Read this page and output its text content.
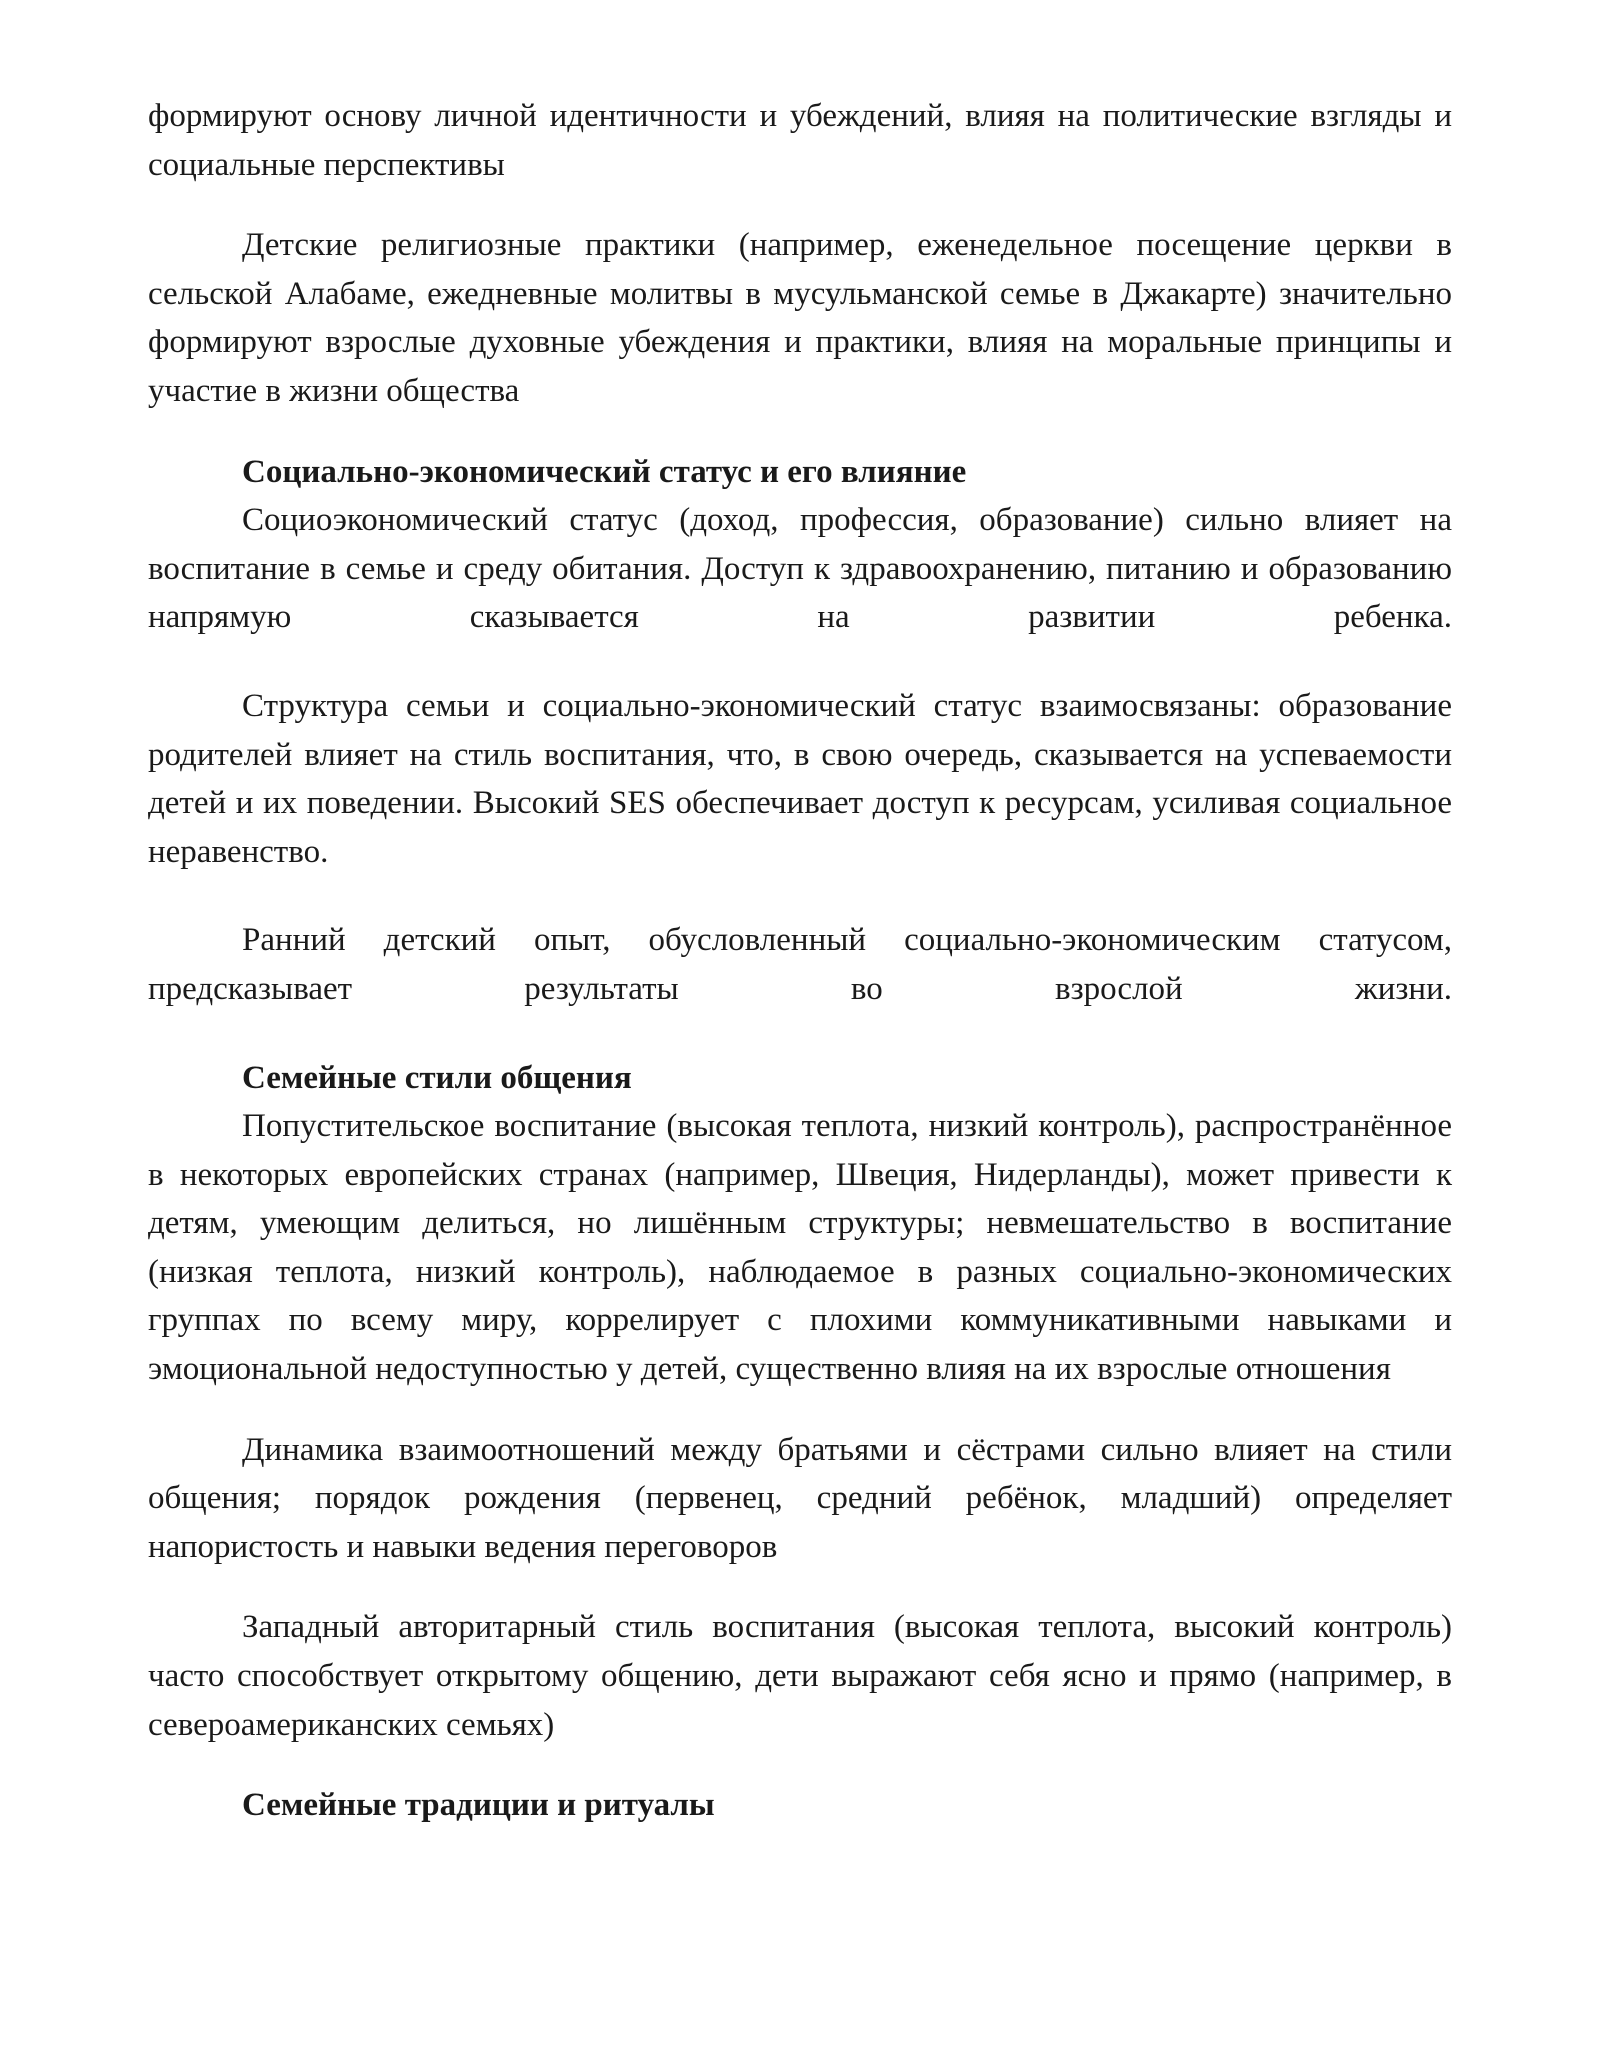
формируют основу личной идентичности и убеждений, влияя на политические взгляды и социальные перспективы

Детские религиозные практики (например, еженедельное посещение церкви в сельской Алабаме, ежедневные молитвы в мусульманской семье в Джакарте) значительно формируют взрослые духовные убеждения и практики, влияя на моральные принципы и участие в жизни общества

Социально-экономический статус и его влияние

Социоэкономический статус (доход, профессия, образование) сильно влияет на воспитание в семье и среду обитания. Доступ к здравоохранению, питанию и образованию напрямую сказывается на развитии ребенка.

Структура семьи и социально-экономический статус взаимосвязаны: образование родителей влияет на стиль воспитания, что, в свою очередь, сказывается на успеваемости детей и их поведении. Высокий SES обеспечивает доступ к ресурсам, усиливая социальное неравенство.

Ранний детский опыт, обусловленный социально-экономическим статусом, предсказывает результаты во взрослой жизни.

Семейные стили общения

Попустительское воспитание (высокая теплота, низкий контроль), распространённое в некоторых европейских странах (например, Швеция, Нидерланды), может привести к детям, умеющим делиться, но лишённым структуры; невмешательство в воспитание (низкая теплота, низкий контроль), наблюдаемое в разных социально-экономических группах по всему миру, коррелирует с плохими коммуникативными навыками и эмоциональной недоступностью у детей, существенно влияя на их взрослые отношения

Динамика взаимоотношений между братьями и сёстрами сильно влияет на стили общения; порядок рождения (первенец, средний ребёнок, младший) определяет напористость и навыки ведения переговоров

Западный авторитарный стиль воспитания (высокая теплота, высокий контроль) часто способствует открытому общению, дети выражают себя ясно и прямо (например, в североамериканских семьях)

Семейные традиции и ритуалы
